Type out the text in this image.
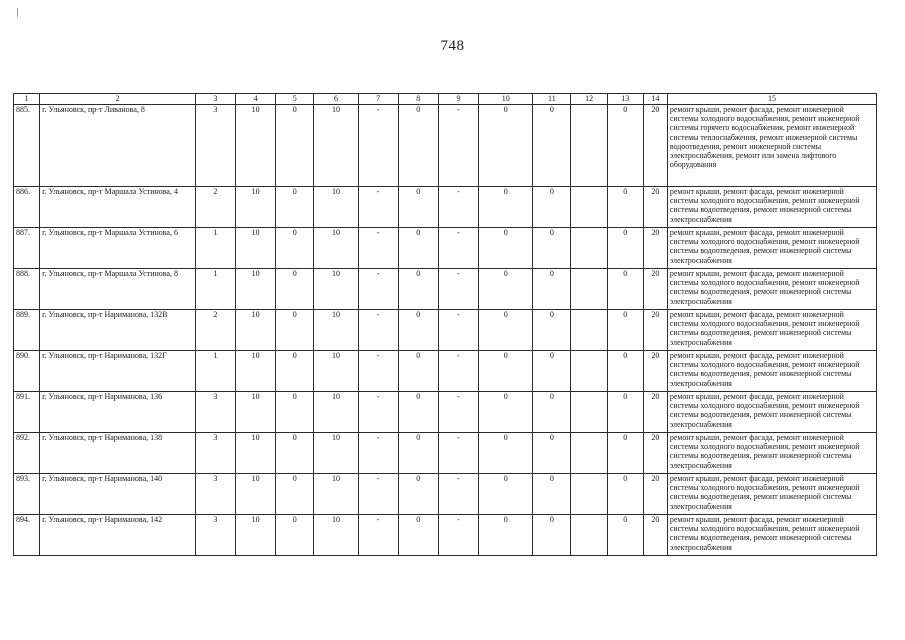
748
1	2	3	4	5	6	7	8	9	10	11	12	13	14	15
885.	г. Ульяновск, пр-т Ливанова, 8	3	10	0	10	-	0	-	0	0		0	20	ремонт крыши, ремонт фасада, ремонт инженерной системы холодного водоснабжения, ремонт инженерной системы горячего водоснабжения, ремонт инженерной системы теплоснабжения, ремонт инженерной системы водоотведения, ремонт инженерной системы электроснабжения, ремонт или замена лифтового оборудования
886.	г. Ульяновск, пр-т Маршала Устинова, 4	2	10	0	10	-	0	-	0	0		0	20	ремонт крыши, ремонт фасада, ремонт инженерной системы холодного водоснабжения, ремонт инженерной системы водоотведения, ремонт инженерной системы электроснабжения
887.	г. Ульяновск, пр-т Маршала Устинова, 6	1	10	0	10	-	0	-	0	0		0	20	ремонт крыши, ремонт фасада, ремонт инженерной системы холодного водоснабжения, ремонт инженерной системы водоотведения, ремонт инженерной системы электроснабжения
888.	г. Ульяновск, пр-т Маршала Устинова, 8	1	10	0	10	-	0	-	0	0		0	20	ремонт крыши, ремонт фасада, ремонт инженерной системы холодного водоснабжения, ремонт инженерной системы водоотведения, ремонт инженерной системы электроснабжения
889.	г. Ульяновск, пр-т Нариманова, 132В	2	10	0	10	-	0	-	0	0		0	20	ремонт крыши, ремонт фасада, ремонт инженерной системы холодного водоснабжения, ремонт инженерной системы водоотведения, ремонт инженерной системы электроснабжения
890.	г. Ульяновск, пр-т Нариманова, 132Г	1	10	0	10	-	0	-	0	0		0	20	ремонт крыши, ремонт фасада, ремонт инженерной системы холодного водоснабжения, ремонт инженерной системы водоотведения, ремонт инженерной системы электроснабжения
891.	г. Ульяновск, пр-т Нариманова, 136	3	10	0	10	-	0	-	0	0		0	20	ремонт крыши, ремонт фасада, ремонт инженерной системы холодного водоснабжения, ремонт инженерной системы водоотведения, ремонт инженерной системы электроснабжения
892.	г. Ульяновск, пр-т Нариманова, 138	3	10	0	10	-	0	-	0	0		0	20	ремонт крыши, ремонт фасада, ремонт инженерной системы холодного водоснабжения, ремонт инженерной системы водоотведения, ремонт инженерной системы электроснабжения
893.	г. Ульяновск, пр-т Нариманова, 140	3	10	0	10	-	0	-	0	0		0	20	ремонт крыши, ремонт фасада, ремонт инженерной системы холодного водоснабжения, ремонт инженерной системы водоотведения, ремонт инженерной системы электроснабжения
894.	г. Ульяновск, пр-т Нариманова, 142	3	10	0	10	-	0	-	0	0		0	20	ремонт крыши, ремонт фасада, ремонт инженерной системы холодного водоснабжения, ремонт инженерной системы водоотведения, ремонт инженерной системы электроснабжения
